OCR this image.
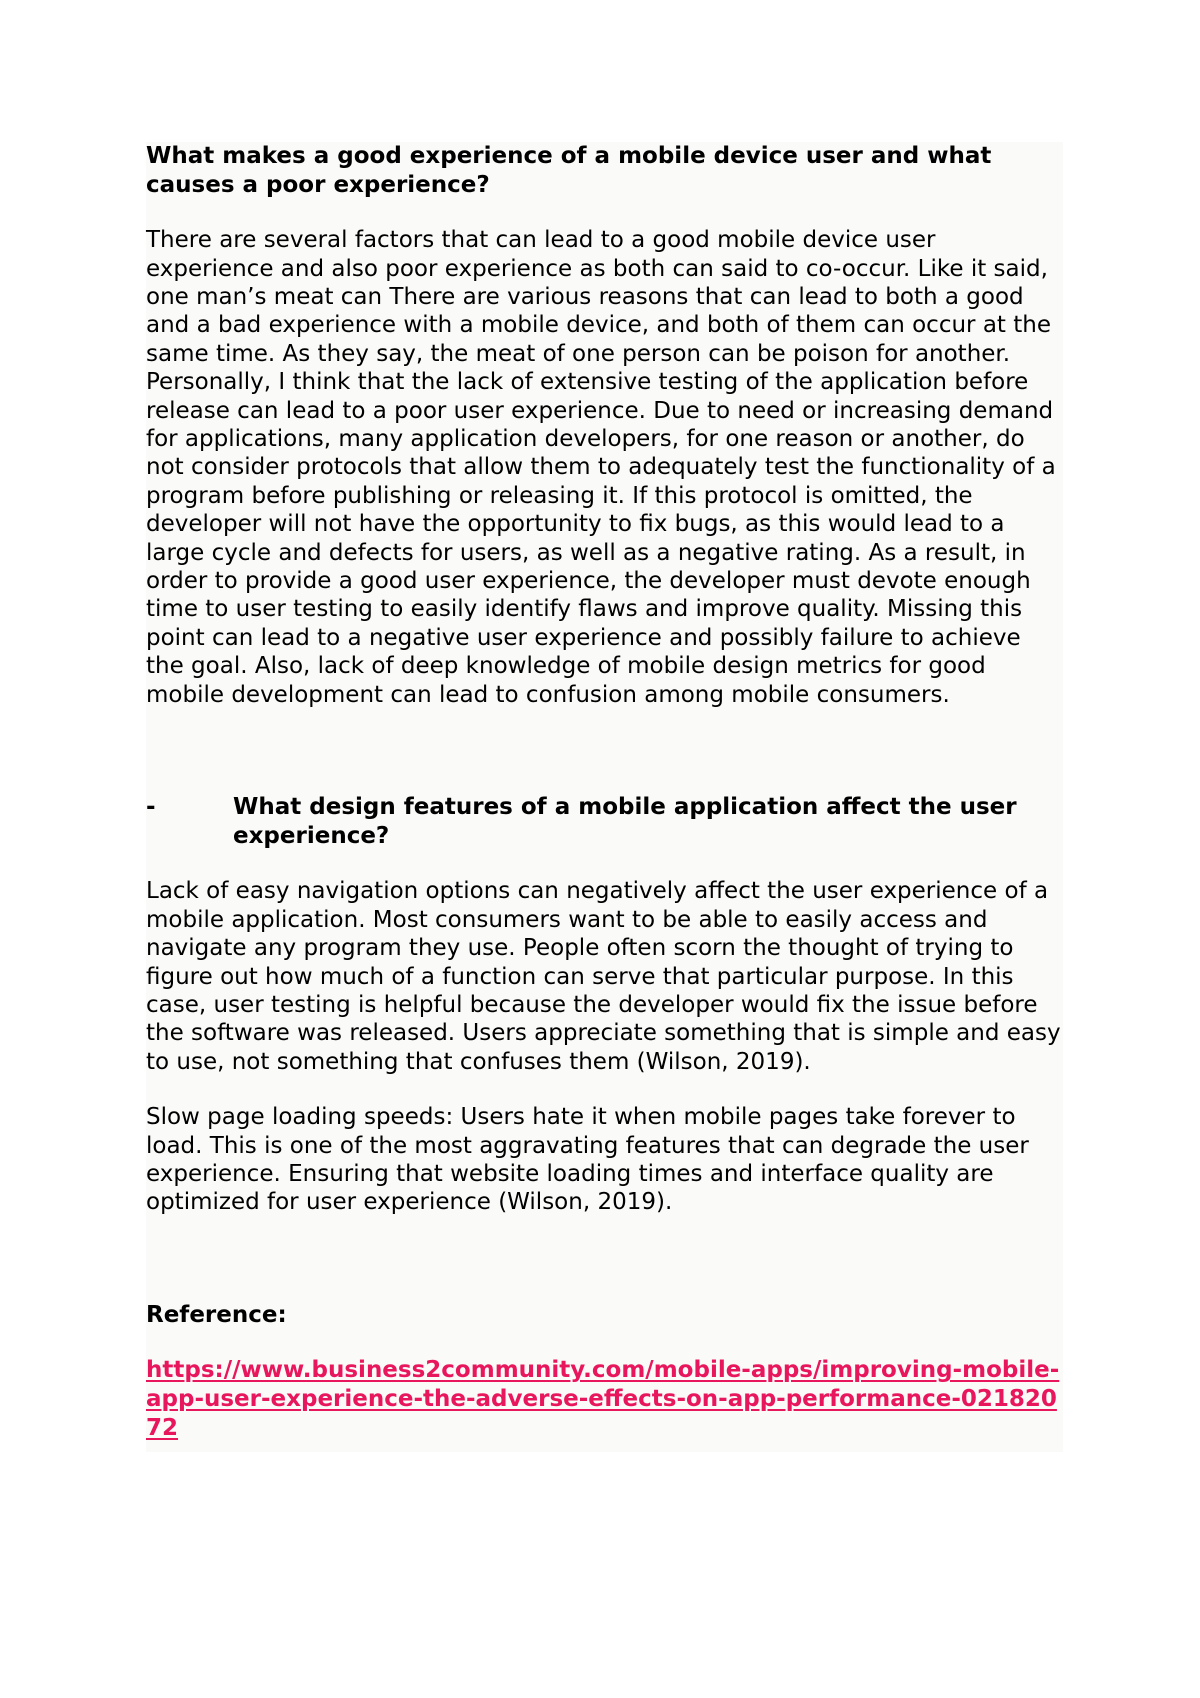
What makes a good experience of a mobile device user and what causes a poor experience?

There are several factors that can lead to a good mobile device user experience and also poor experience as both can said to co-occur. Like it said, one man’s meat can There are various reasons that can lead to both a good and a bad experience with a mobile device, and both of them can occur at the same time. As they say, the meat of one person can be poison for another. Personally, I think that the lack of extensive testing of the application before release can lead to a poor user experience. Due to need or increasing demand for applications, many application developers, for one reason or another, do not consider protocols that allow them to adequately test the functionality of a program before publishing or releasing it. If this protocol is omitted, the developer will not have the opportunity to fix bugs, as this would lead to a large cycle and defects for users, as well as a negative rating. As a result, in order to provide a good user experience, the developer must devote enough time to user testing to easily identify flaws and improve quality. Missing this point can lead to a negative user experience and possibly failure to achieve the goal. Also, lack of deep knowledge of mobile design metrics for good mobile development can lead to confusion among mobile consumers.

-	What design features of a mobile application affect the user experience?

Lack of easy navigation options can negatively affect the user experience of a mobile application. Most consumers want to be able to easily access and navigate any program they use. People often scorn the thought of trying to figure out how much of a function can serve that particular purpose. In this case, user testing is helpful because the developer would fix the issue before the software was released. Users appreciate something that is simple and easy to use, not something that confuses them (Wilson, 2019).

Slow page loading speeds: Users hate it when mobile pages take forever to load. This is one of the most aggravating features that can degrade the user experience. Ensuring that website loading times and interface quality are optimized for user experience (Wilson, 2019).

Reference:

https://www.business2community.com/mobile-apps/improving-mobile-app-user-experience-the-adverse-effects-on-app-performance-02182072
